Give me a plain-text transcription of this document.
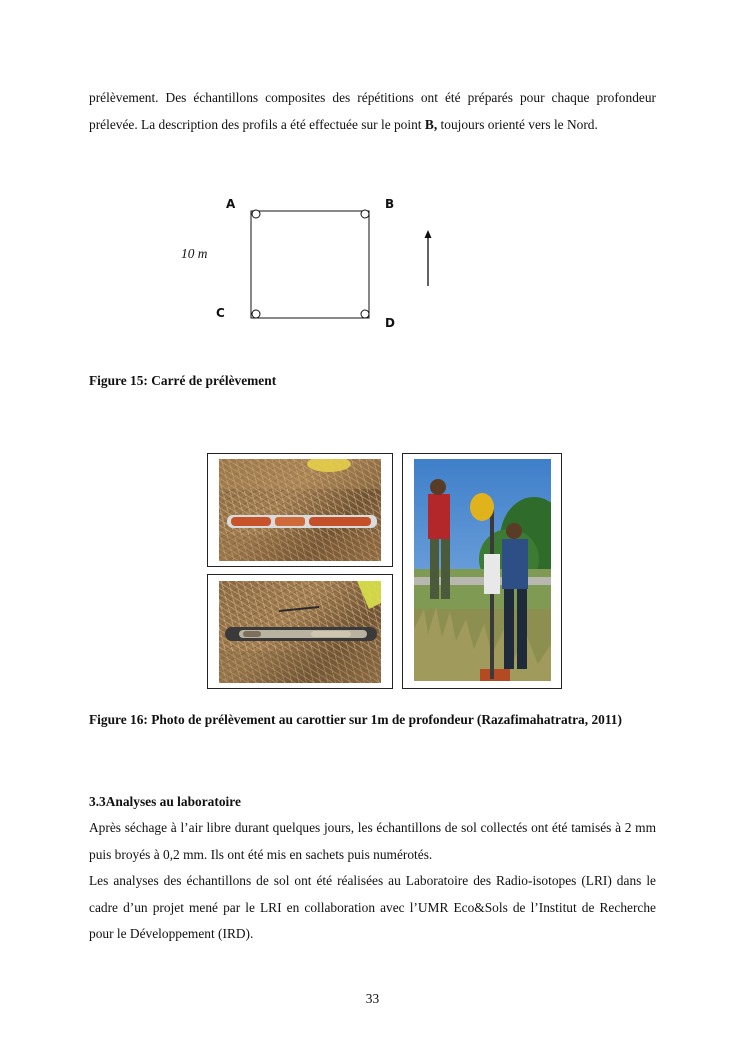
prélèvement. Des échantillons composites des répétitions ont été préparés pour chaque profondeur prélevée. La description des profils a été effectuée sur le point B, toujours orienté vers le Nord.

A	B
C
D
10 m

Figure 15: Carré de prélèvement

Figure 16: Photo de prélèvement au carottier sur 1m de profondeur (Razafimahatratra, 2011)

3.3Analyses au laboratoire

Après séchage à l’air libre durant quelques jours, les échantillons de sol collectés ont été tamisés à 2 mm puis broyés à 0,2 mm. Ils ont été mis en sachets puis numérotés.

Les analyses des échantillons de sol ont été réalisées au Laboratoire des Radio-isotopes (LRI) dans le cadre d’un projet mené par le LRI en collaboration avec l’UMR Eco&Sols de l’Institut de Recherche pour le Développement (IRD).

33
